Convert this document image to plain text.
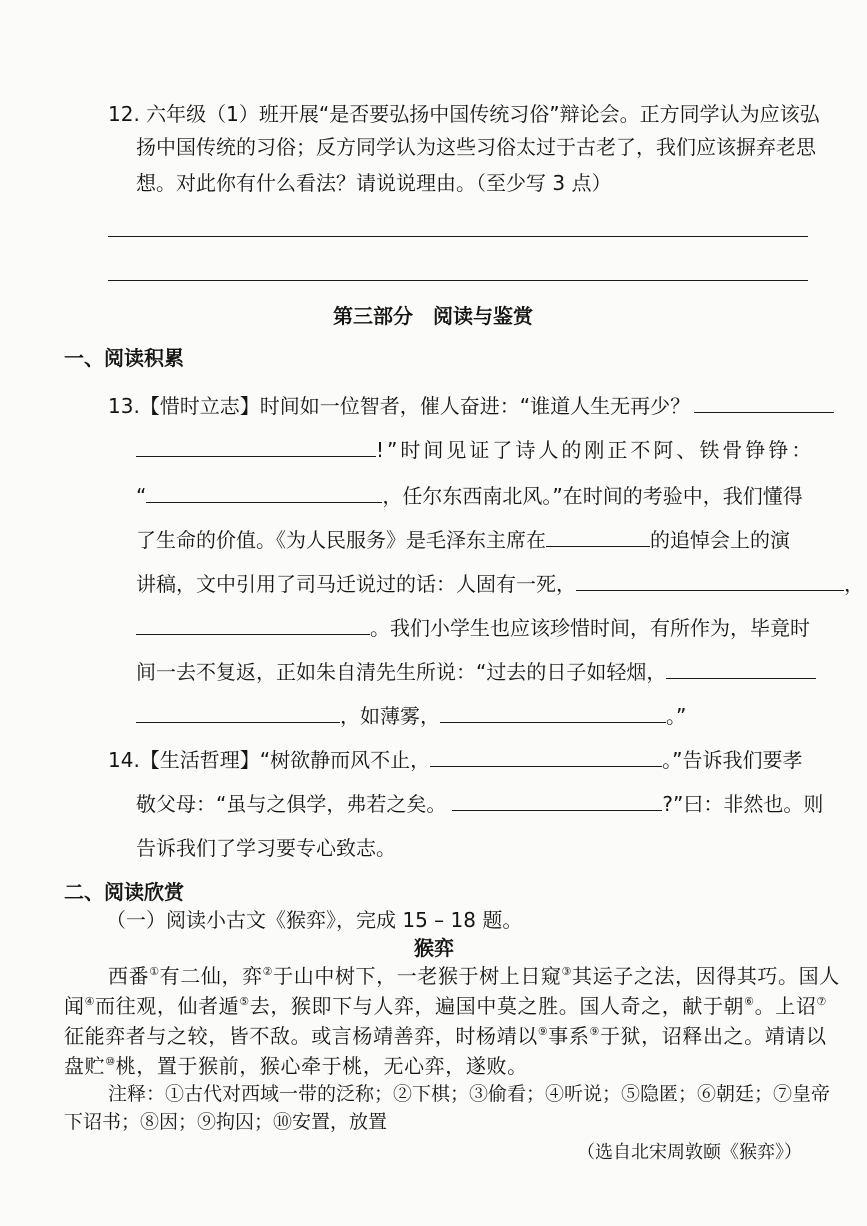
12. 六年级（1）班开展“是否要弘扬中国传统习俗”辩论会。正方同学认为应该弘
扬中国传统的习俗；反方同学认为这些习俗太过于古老了，我们应该摒弃老思
想。对此你有什么看法？请说说理由。（至少写 3 点）
第三部分　阅读与鉴赏
一、阅读积累
13.【惜时立志】时间如一位智者，催人奋进：“谁道人生无再少？
!”时间见证了诗人的刚正不阿、铁骨铮铮：
“	，任尔东西南北风。”在时间的考验中，我们懂得
了生命的价值。《为人民服务》是毛泽东主席在	的追悼会上的演
讲稿，文中引用了司马迁说过的话：人固有一死，	，
。我们小学生也应该珍惜时间，有所作为，毕竟时
间一去不复返，正如朱自清先生所说：“过去的日子如轻烟，
，如薄雾，	。”
14.【生活哲理】“树欲静而风不止，	。”告诉我们要孝
敬父母：“虽与之俱学，弗若之矣。	?”曰：非然也。则
告诉我们了学习要专心致志。
二、阅读欣赏
（一）阅读小古文《猴弈》，完成 15 – 18 题。
猴弈
西番①有二仙，弈②于山中树下，一老猴于树上日窥③其运子之法，因得其巧。国人
闻④而往观，仙者遁⑤去，猴即下与人弈，遍国中莫之胜。国人奇之，献于朝⑥。上诏⑦
征能弈者与之较，皆不敌。或言杨靖善弈，时杨靖以⑨事系⑨于狱，诏释出之。靖请以
盘贮⑩桃，置于猴前，猴心牵于桃，无心弈，遂败。
注释：①古代对西域一带的泛称；②下棋；③偷看；④听说；⑤隐匿；⑥朝廷；⑦皇帝
下诏书；⑧因；⑨拘囚；⑩安置，放置
（选自北宋周敦颐《猴弈》）
